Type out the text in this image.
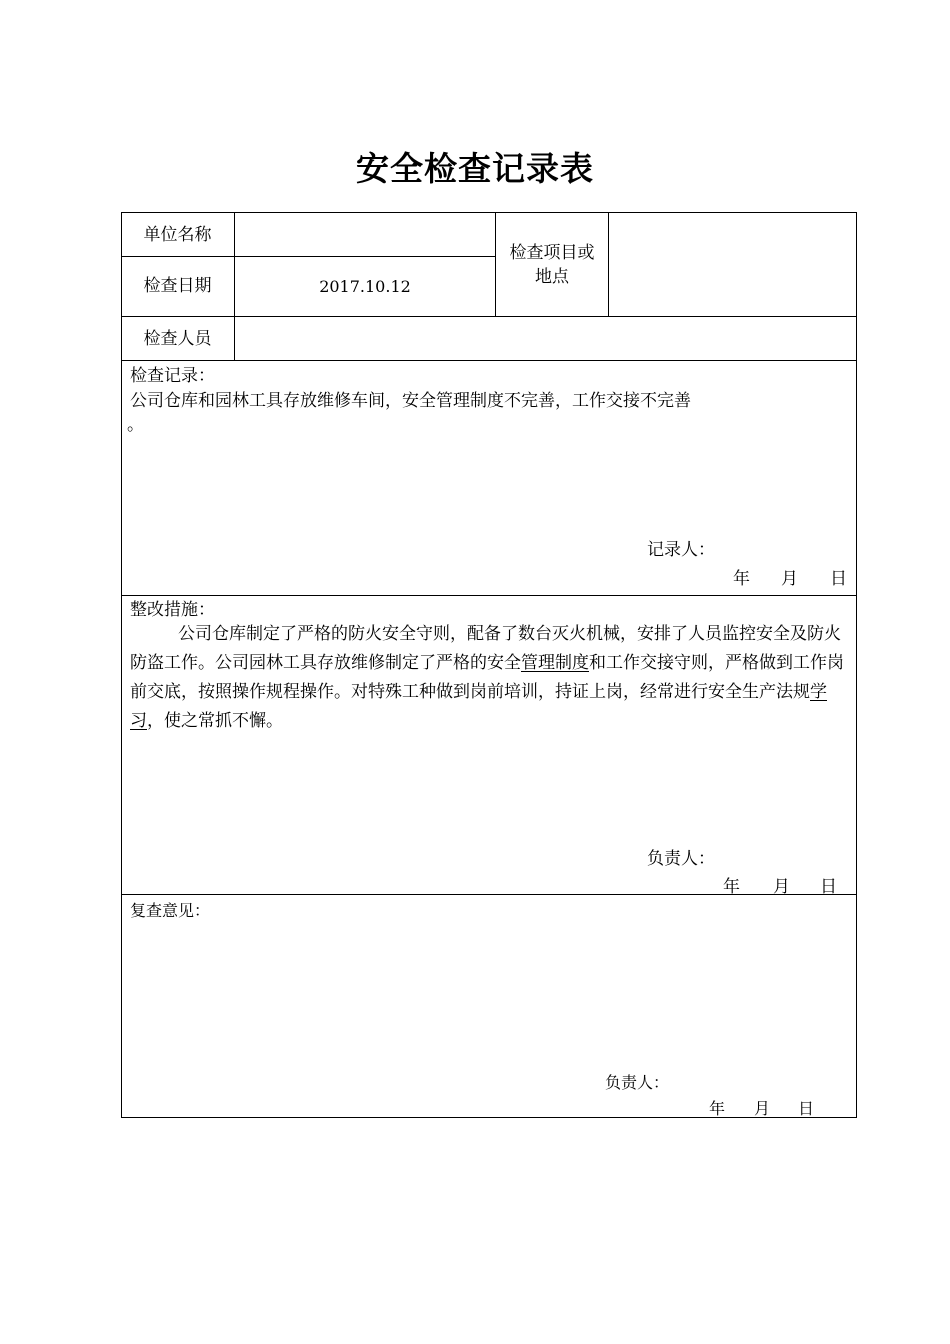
安全检查记录表
单位名称
检查日期	2017.10.12
检查项目或
地点
检查人员
检查记录：
公司仓库和园林工具存放维修车间，安全管理制度不完善，工作交接不完善
。
记录人：
年 月 日
整改措施：
公司仓库制定了严格的防火安全守则，配备了数台灭火机械，安排了人员监控安全及防火防盗工作。公司园林工具存放维修制定了严格的安全管理制度和工作交接守则，严格做到工作岗前交底，按照操作规程操作。对特殊工种做到岗前培训，持证上岗，经常进行安全生产法规学习，使之常抓不懈。
负责人：
年 月 日
复查意见：
负责人：
年 月 日
